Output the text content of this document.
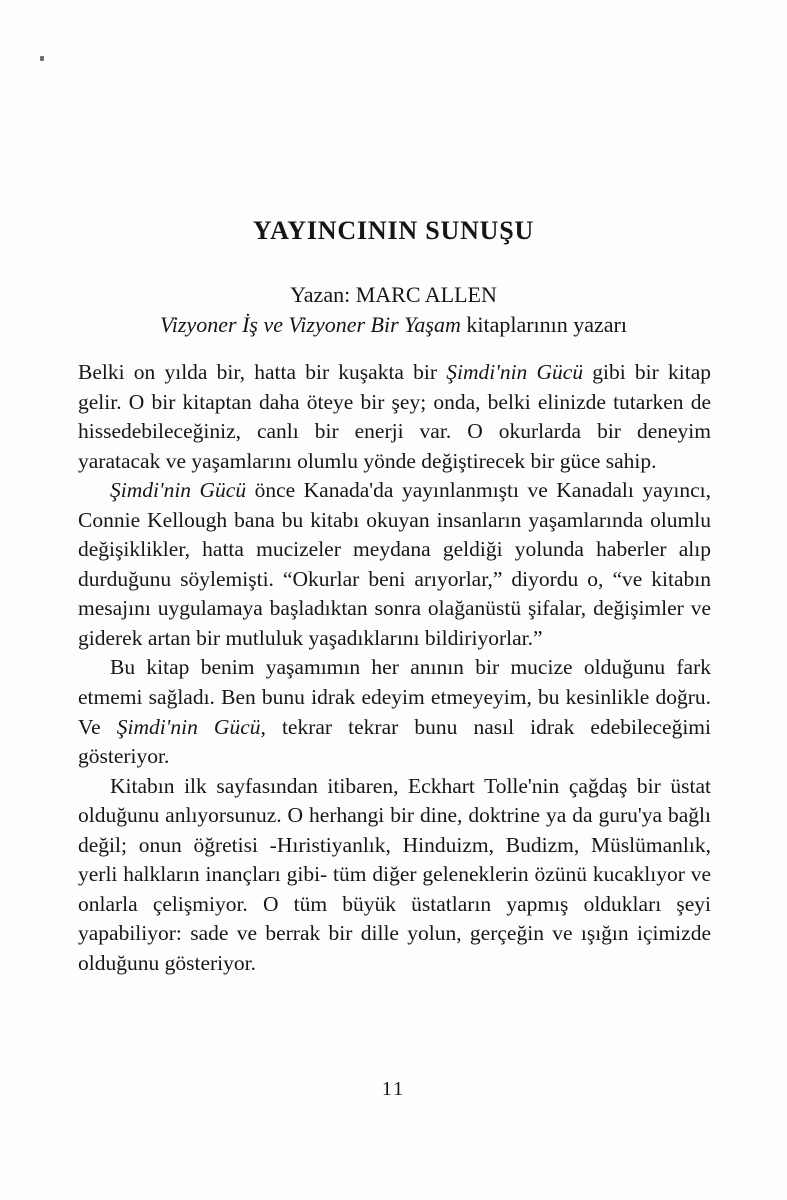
YAYINCININ SUNUŞU
Yazan: MARC ALLEN
Vizyoner İş ve Vizyoner Bir Yaşam kitaplarının yazarı

Belki on yılda bir, hatta bir kuşakta bir Şimdi'nin Gücü gibi bir kitap gelir. O bir kitaptan daha öteye bir şey; onda, belki elinizde tutarken de hissedebileceğiniz, canlı bir enerji var. O okurlarda bir deneyim yaratacak ve yaşamlarını olumlu yönde değiştirecek bir güce sahip.

Şimdi'nin Gücü önce Kanada'da yayınlanmıştı ve Kanadalı yayıncı, Connie Kellough bana bu kitabı okuyan insanların yaşamlarında olumlu değişiklikler, hatta mucizeler meydana geldiği yolunda haberler alıp durduğunu söylemişti. “Okurlar beni arıyorlar,” diyordu o, “ve kitabın mesajını uygulamaya başladıktan sonra olağanüstü şifalar, değişimler ve giderek artan bir mutluluk yaşadıklarını bildiriyorlar.”

Bu kitap benim yaşamımın her anının bir mucize olduğunu fark etmemi sağladı. Ben bunu idrak edeyim etmeyeyim, bu kesinlikle doğru. Ve Şimdi'nin Gücü, tekrar tekrar bunu nasıl idrak edebileceğimi gösteriyor.

Kitabın ilk sayfasından itibaren, Eckhart Tolle'nin çağdaş bir üstat olduğunu anlıyorsunuz. O herhangi bir dine, doktrine ya da guru'ya bağlı değil; onun öğretisi -Hıristiyanlık, Hinduizm, Budizm, Müslümanlık, yerli halkların inançları gibi- tüm diğer geleneklerin özünü kucaklıyor ve onlarla çelişmiyor. O tüm büyük üstatların yapmış oldukları şeyi yapabiliyor: sade ve berrak bir dille yolun, gerçeğin ve ışığın içimizde olduğunu gösteriyor.

11
